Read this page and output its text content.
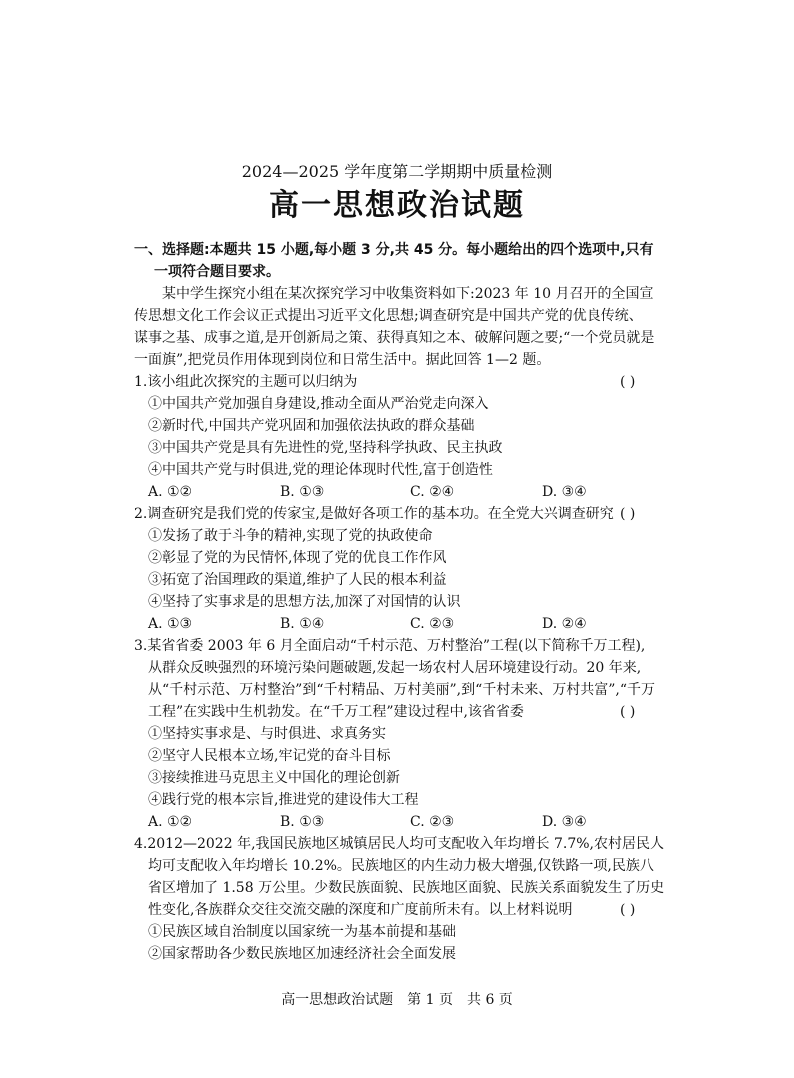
2024—2025 学年度第二学期期中质量检测
高一思想政治试题
一、选择题:本题共 15 小题,每小题 3 分,共 45 分。每小题给出的四个选项中,只有
一项符合题目要求。
某中学生探究小组在某次探究学习中收集资料如下:2023 年 10 月召开的全国宣
传思想文化工作会议正式提出习近平文化思想;调查研究是中国共产党的优良传统、
谋事之基、成事之道,是开创新局之策、获得真知之本、破解问题之要;“一个党员就是
一面旗”,把党员作用体现到岗位和日常生活中。据此回答 1—2 题。
1.该小组此次探究的主题可以归纳为	( )
①中国共产党加强自身建设,推动全面从严治党走向深入
②新时代,中国共产党巩固和加强依法执政的群众基础
③中国共产党是具有先进性的党,坚持科学执政、民主执政
④中国共产党与时俱进,党的理论体现时代性,富于创造性
A. ①②	B. ①③	C. ②④	D. ③④
2.调查研究是我们党的传家宝,是做好各项工作的基本功。在全党大兴调查研究 ( )
①发扬了敢于斗争的精神,实现了党的执政使命
②彰显了党的为民情怀,体现了党的优良工作作风
③拓宽了治国理政的渠道,维护了人民的根本利益
④坚持了实事求是的思想方法,加深了对国情的认识
A. ①③	B. ①④	C. ②③	D. ②④
3.某省省委 2003 年 6 月全面启动“千村示范、万村整治”工程(以下简称千万工程),
从群众反映强烈的环境污染问题破题,发起一场农村人居环境建设行动。20 年来,
从“千村示范、万村整治”到“千村精品、万村美丽”,到“千村未来、万村共富”,“千万
工程”在实践中生机勃发。在“千万工程”建设过程中,该省省委	( )
①坚持实事求是、与时俱进、求真务实
②坚守人民根本立场,牢记党的奋斗目标
③接续推进马克思主义中国化的理论创新
④践行党的根本宗旨,推进党的建设伟大工程
A. ①②	B. ①③	C. ②③	D. ③④
4.2012—2022 年,我国民族地区城镇居民人均可支配收入年均增长 7.7%,农村居民人
均可支配收入年均增长 10.2%。民族地区的内生动力极大增强,仅铁路一项,民族八
省区增加了 1.58 万公里。少数民族面貌、民族地区面貌、民族关系面貌发生了历史
性变化,各族群众交往交流交融的深度和广度前所未有。以上材料说明	( )
①民族区域自治制度以国家统一为基本前提和基础
②国家帮助各少数民族地区加速经济社会全面发展
高一思想政治试题　第 1 页　共 6 页
